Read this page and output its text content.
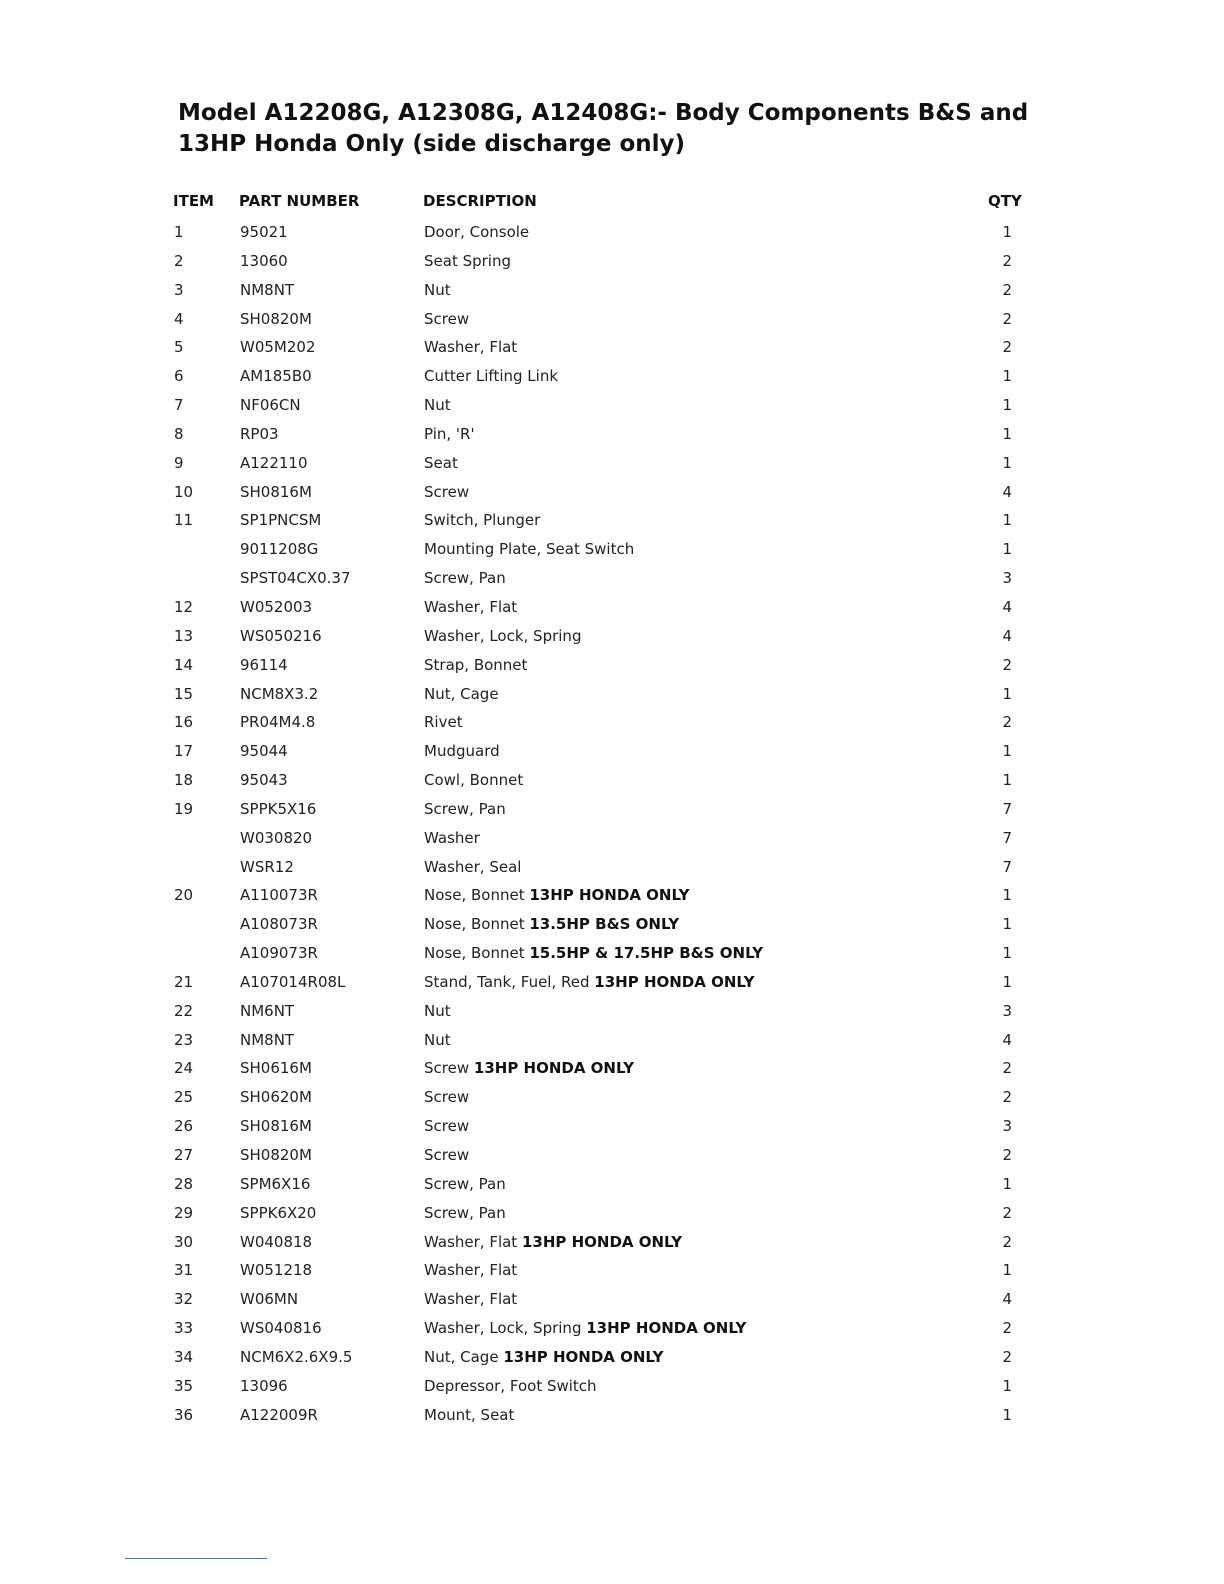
Model A12208G, A12308G, A12408G:- Body Components B&S and 13HP Honda Only (side discharge only)
ITEM PART NUMBER	DESCRIPTION	QTY
1	95021	Door, Console	1
2	13060	Seat Spring	2
3	NM8NT	Nut	2
4	SH0820M	Screw	2
5	W05M202	Washer, Flat	2
6	AM185B0	Cutter Lifting Link	1
7	NF06CN	Nut	1
8	RP03	Pin, 'R'	1
9	A122110	Seat	1
10	SH0816M	Screw	4
11	SP1PNCSM	Switch, Plunger	1
9011208G	Mounting Plate, Seat Switch	1
SPST04CX0.37	Screw, Pan	3
12	W052003	Washer, Flat	4
13	WS050216	Washer, Lock, Spring	4
14	96114	Strap, Bonnet	2
15	NCM8X3.2	Nut, Cage	1
16	PR04M4.8	Rivet	2
17	95044	Mudguard	1
18	95043	Cowl, Bonnet	1
19	SPPK5X16	Screw, Pan	7
W030820	Washer	7
WSR12	Washer, Seal	7
20	A110073R	Nose, Bonnet 13HP HONDA ONLY	1
A108073R	Nose, Bonnet 13.5HP B&S ONLY	1
A109073R	Nose, Bonnet 15.5HP & 17.5HP B&S ONLY	1
21	A107014R08L	Stand, Tank, Fuel, Red 13HP HONDA ONLY	1
22	NM6NT	Nut	3
23	NM8NT	Nut	4
24	SH0616M	Screw 13HP HONDA ONLY	2
25	SH0620M	Screw	2
26	SH0816M	Screw	3
27	SH0820M	Screw	2
28	SPM6X16	Screw, Pan	1
29	SPPK6X20	Screw, Pan	2
30	W040818	Washer, Flat 13HP HONDA ONLY	2
31	W051218	Washer, Flat	1
32	W06MN	Washer, Flat	4
33	WS040816	Washer, Lock, Spring 13HP HONDA ONLY	2
34	NCM6X2.6X9.5	Nut, Cage 13HP HONDA ONLY	2
35	13096	Depressor, Foot Switch	1
36	A122009R	Mount, Seat	1
